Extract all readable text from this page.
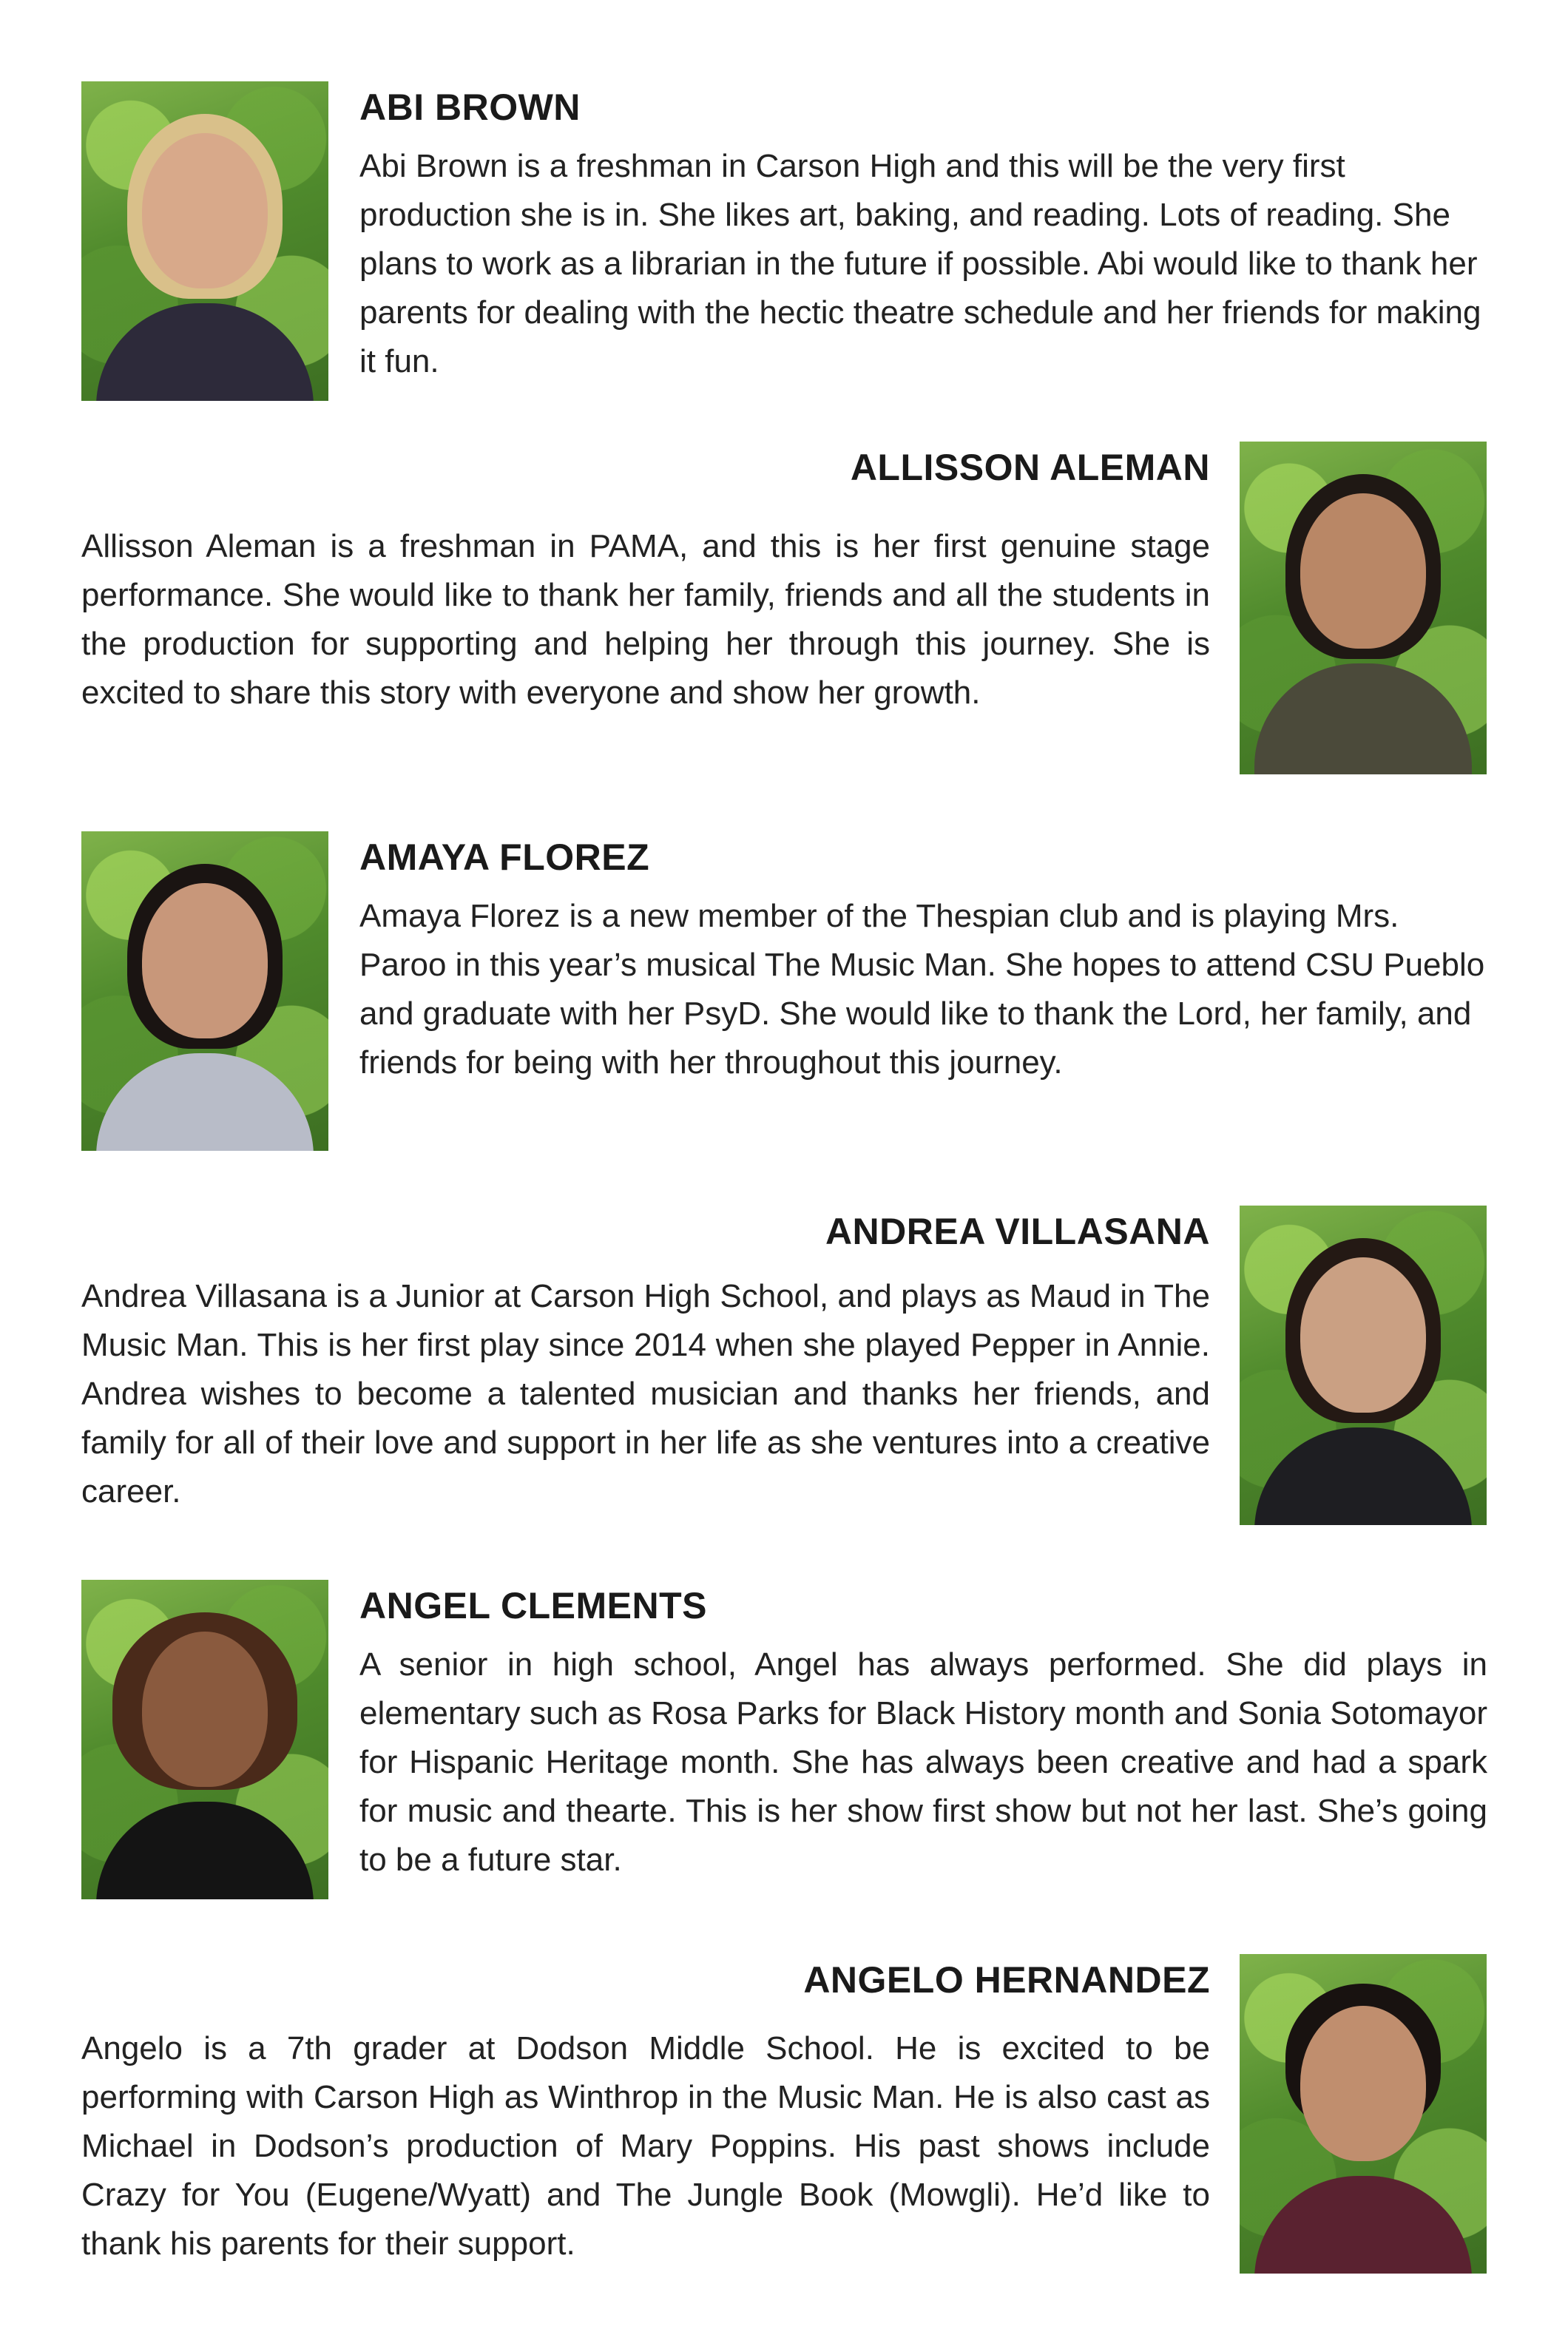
ABI BROWN

Abi Brown is a freshman in Carson High and this will be the very first production she is in. She likes art, baking, and reading. Lots of reading. She plans to work as a librarian in the future if possible. Abi would like to thank her parents for dealing with the hectic theatre schedule and her friends for making it fun.

ALLISSON ALEMAN

Allisson Aleman is a freshman in PAMA, and this is her first genuine stage performance. She would like to thank her family, friends and all the students in the production for supporting and helping her through this journey. She is excited to share this story with everyone and show her growth.

AMAYA FLOREZ

Amaya Florez is a new member of the Thespian club and is playing Mrs. Paroo in this year’s musical The Music Man. She hopes to attend CSU Pueblo and graduate with her PsyD. She would like to thank the Lord, her family, and friends for being with her throughout this journey.

ANDREA VILLASANA

Andrea Villasana is a Junior at Carson High School, and plays as Maud in The Music Man. This is her first play since 2014 when she played Pepper in Annie. Andrea wishes to become a talented musician and thanks her friends, and family for all of their love and support in her life as she ventures into a creative career.

ANGEL CLEMENTS

A senior in high school, Angel has always performed. She did plays in elementary such as Rosa Parks for Black History month and Sonia Sotomayor for Hispanic Heritage month. She has always been creative and had a spark for music and thearte. This is her show first show but not her last. She’s going to be a future star.

ANGELO HERNANDEZ

Angelo is a 7th grader at Dodson Middle School. He is excited to be performing with Carson High as Winthrop in the Music Man. He is also cast as Michael in Dodson’s production of Mary Poppins. His past shows include Crazy for You (Eugene/Wyatt) and The Jungle Book (Mowgli). He’d like to thank his parents for their support.
